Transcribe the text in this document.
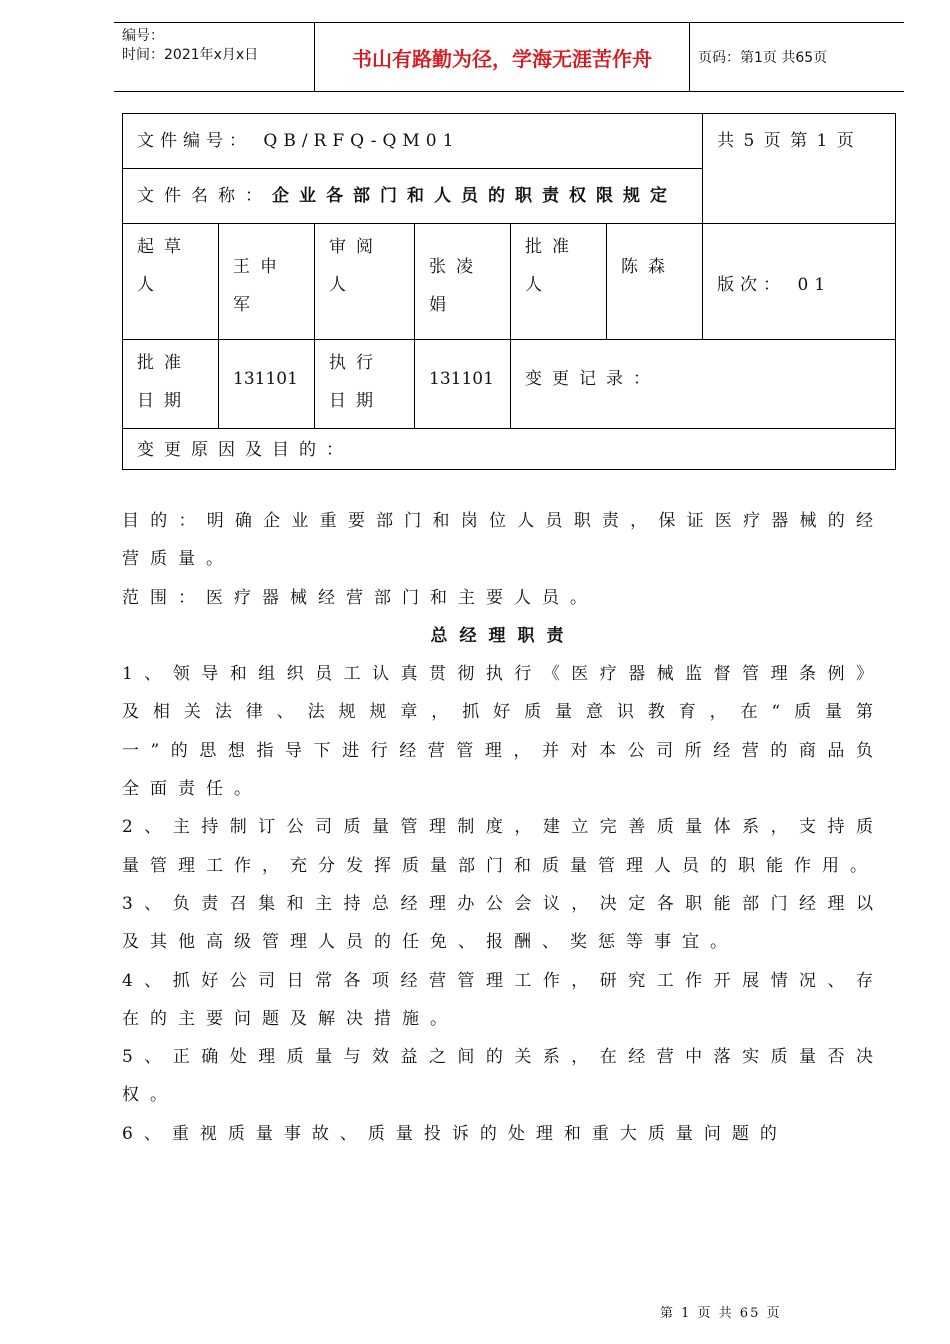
编号：
时间：2021年x月x日	书山有路勤为径，学海无涯苦作舟	页码：第1页 共65页
文件编号： QB/RFQ-QM01						共 5 页 第 1 页
文件名称：企业各部门和人员的职责权限规定						
起草人	王申军	审阅人	张凌娟	批准人	陈森	版次： 01
批准日期	131101	执行日期	131101	变更记录：		
变更原因及目的：						

目的：明确企业重要部门和岗位人员职责，保证医疗器械的经营质量。

范围：医疗器械经营部门和主要人员。

总经理职责

1、领导和组织员工认真贯彻执行《医疗器械监督管理条例》及相关法律、法规规章，抓好质量意识教育，在“质量第一”的思想指导下进行经营管理，并对本公司所经营的商品负全面责任。

2、主持制订公司质量管理制度，建立完善质量体系，支持质量管理工作，充分发挥质量部门和质量管理人员的职能作用。

3、负责召集和主持总经理办公会议，决定各职能部门经理以及其他高级管理人员的任免、报酬、奖惩等事宜。

4、抓好公司日常各项经营管理工作，研究工作开展情况、存在的主要问题及解决措施。

5、正确处理质量与效益之间的关系，在经营中落实质量否决权。

6、重视质量事故、质量投诉的处理和重大质量问题的

第 1 页 共 65 页
